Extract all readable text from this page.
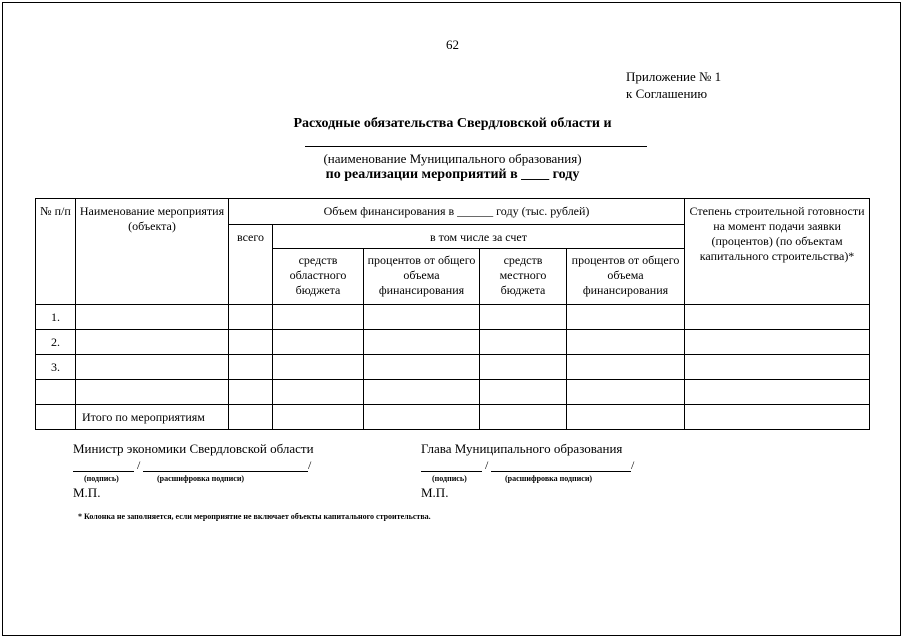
62
Приложение № 1
к Соглашению
Расходные обязательства Свердловской области и
(наименование Муниципального образования)
по реализации мероприятий в ____ году
№ п/п	Наименование мероприятия (объекта)	Объем финансирования в ______ году (тыс. рублей)					Степень строительной готовности на момент подачи заявки (процентов) (по объектам капитального строительства)*
		всего	в том числе за счет				
			средств областного бюджета	процентов от общего объема финансирования	средств местного бюджета	процентов от общего объема финансирования	
1.							
2.							
3.							

	Итого по мероприятиям						
Министр экономики Свердловской области
/	/
(подпись)	(расшифровка подписи)
М.П.
Глава Муниципального образования
/	/
(подпись)	(расшифровка подписи)
М.П.
* Колонка не заполняется, если мероприятие не включает объекты капитального строительства.
